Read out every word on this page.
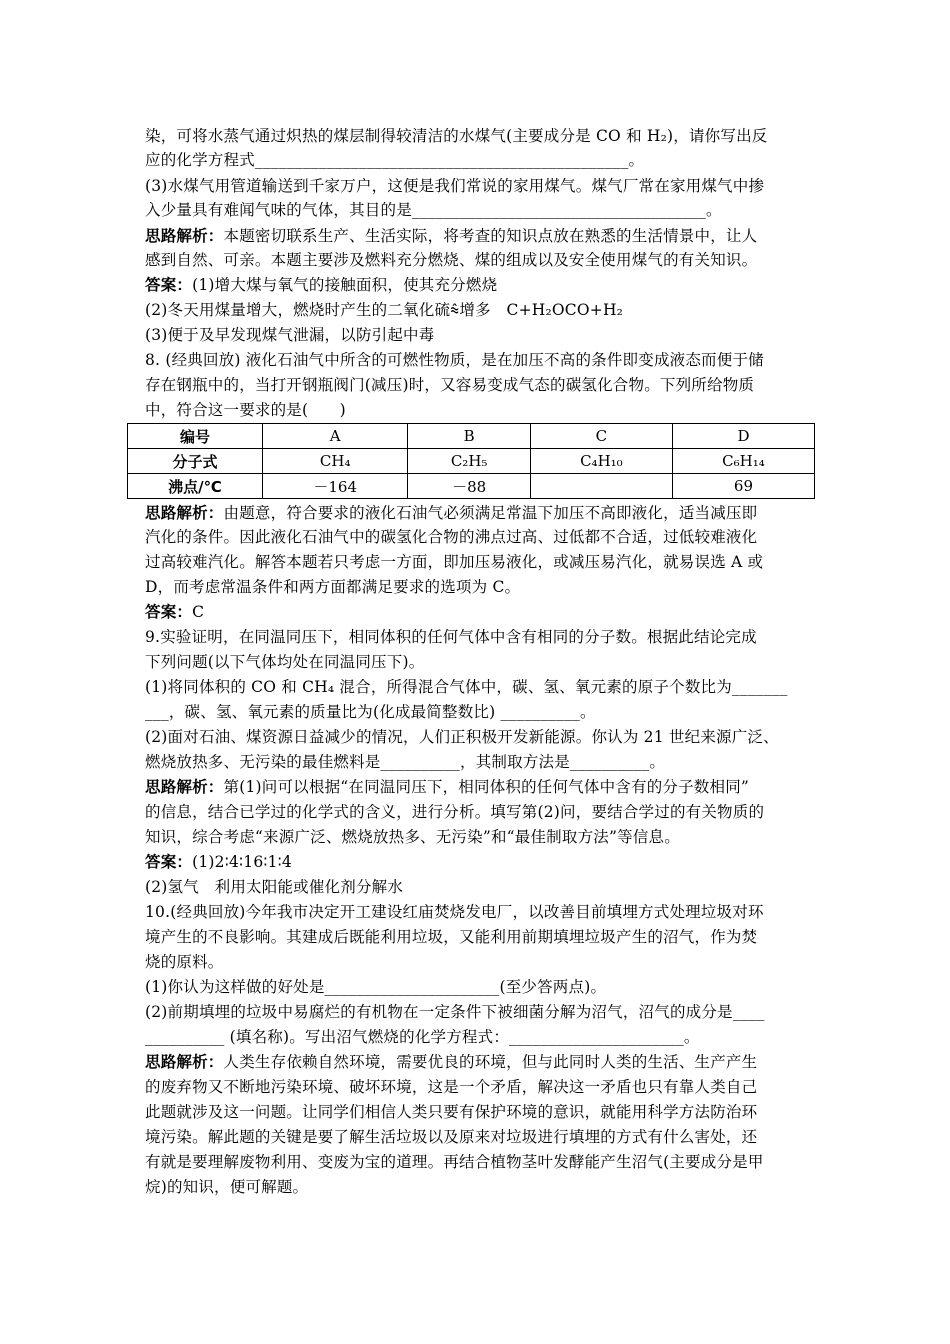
染，可将水蒸气通过炽热的煤层制得较清洁的水煤气(主要成分是 CO 和 H₂)，请你写出反
应的化学方程式_______________________________________________。
(3)水煤气用管道输送到千家万户，这便是我们常说的家用煤气。煤气厂常在家用煤气中掺
入少量具有难闻气味的气体，其目的是_____________________________________。
思路解析：本题密切联系生产、生活实际，将考查的知识点放在熟悉的生活情景中，让人
感到自然、可亲。本题主要涉及燃料充分燃烧、煤的组成以及安全使用煤气的有关知识。
答案：(1)增大煤与氧气的接触面积，使其充分燃烧
(2)冬天用煤量增大，燃烧时产生的二氧化硫⩯增多　C+H₂OCO+H₂
(3)便于及早发现煤气泄漏，以防引起中毒
8. (经典回放) 液化石油气中所含的可燃性物质，是在加压不高的条件即变成液态而便于储
存在钢瓶中的，当打开钢瓶阀门(减压)时，又容易变成气态的碳氢化合物。下列所给物质
中，符合这一要求的是(　　)
编号	A	B	C	D
分子式	CH₄	C₂H₅	C₄H₁₀	C₆H₁₄
沸点/℃	－164	－88		69
思路解析：由题意，符合要求的液化石油气必须满足常温下加压不高即液化，适当减压即
汽化的条件。因此液化石油气中的碳氢化合物的沸点过高、过低都不合适，过低较难液化
过高较难汽化。解答本题若只考虑一方面，即加压易液化，或减压易汽化，就易误选 A 或
D，而考虑常温条件和两方面都满足要求的选项为 C。
答案：C
9.实验证明，在同温同压下，相同体积的任何气体中含有相同的分子数。根据此结论完成
下列问题(以下气体均处在同温同压下)。
(1)将同体积的 CO 和 CH₄ 混合，所得混合气体中，碳、氢、氧元素的原子个数比为_______
___，碳、氢、氧元素的质量比为(化成最简整数比) __________。
(2)面对石油、煤资源日益减少的情况，人们正积极开发新能源。你认为 21 世纪来源广泛、
燃烧放热多、无污染的最佳燃料是__________，其制取方法是__________。
思路解析：第(1)问可以根据“在同温同压下，相同体积的任何气体中含有的分子数相同”
的信息，结合已学过的化学式的含义，进行分析。填写第(2)问，要结合学过的有关物质的
知识，综合考虑“来源广泛、燃烧放热多、无污染”和“最佳制取方法”等信息。
答案：(1)2∶4∶16∶1∶4
(2)氢气　利用太阳能或催化剂分解水
10.(经典回放)今年我市决定开工建设红庙焚烧发电厂，以改善目前填埋方式处理垃圾对环
境产生的不良影响。其建成后既能利用垃圾，又能利用前期填埋垃圾产生的沼气，作为焚
烧的原料。
(1)你认为这样做的好处是______________________(至少答两点)。
(2)前期填埋的垃圾中易腐烂的有机物在一定条件下被细菌分解为沼气，沼气的成分是____
__________ (填名称)。写出沼气燃烧的化学方程式：______________________。
思路解析：人类生存依赖自然环境，需要优良的环境，但与此同时人类的生活、生产产生
的废弃物又不断地污染环境、破坏环境，这是一个矛盾，解决这一矛盾也只有靠人类自己
此题就涉及这一问题。让同学们相信人类只要有保护环境的意识，就能用科学方法防治环
境污染。解此题的关键是要了解生活垃圾以及原来对垃圾进行填埋的方式有什么害处，还
有就是要理解废物利用、变废为宝的道理。再结合植物茎叶发酵能产生沼气(主要成分是甲
烷)的知识，便可解题。
